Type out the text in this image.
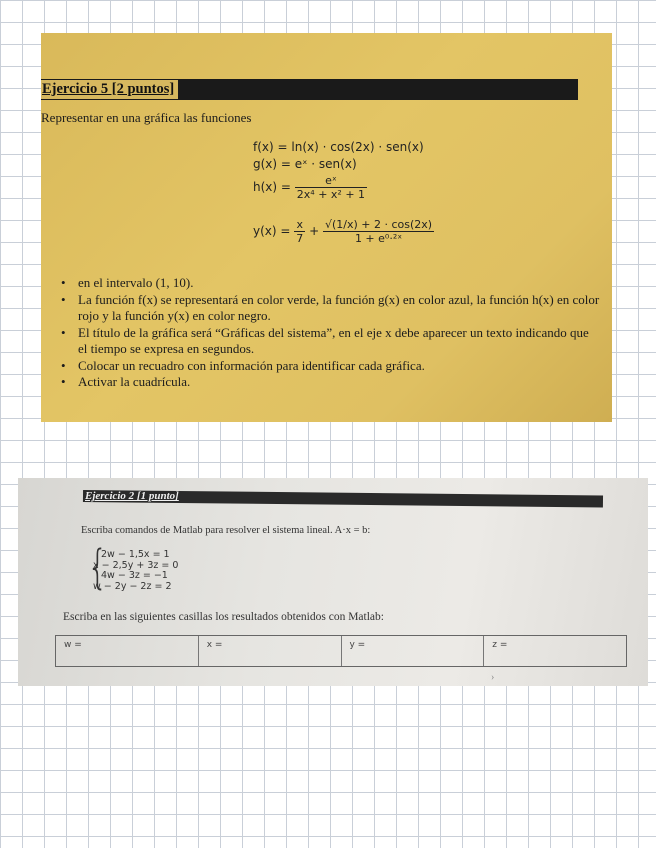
Ejercicio 5 [2 puntos]
Representar en una gráfica las funciones
f(x) = ln(x) · cos(2x) · sen(x)
g(x) = eˣ · sen(x)
$h(x) = \frac{\text{eˣ}}{\text{2x⁴ + x² + 1}}$
$y(x) = \frac{x}{7} + \frac{√(1/x) + 2 \cdot \cos(2x)}{\text{1 + e⁰·²ˣ}}$
• en el intervalo (1, 10).
• La función f(x) se representará en color verde, la función g(x) en color azul, la función h(x) en color rojo y la función y(x) en color negro.
• El título de la gráfica será “Gráficas del sistema”, en el eje x debe aparecer un texto indicando que el tiempo se expresa en segundos.
• Colocar un recuadro con información para identificar cada gráfica.
• Activar la cuadrícula.
Ejercicio 2 [1 punto]
Escriba comandos de Matlab para resolver el sistema lineal. A·x = b:
{
2w − 1,5x = 1
x − 2,5y + 3z = 0
4w − 3z = −1
w − 2y − 2z = 2
Escriba en las siguientes casillas los resultados obtenidos con Matlab:
w =	x =	y =	z =
›
